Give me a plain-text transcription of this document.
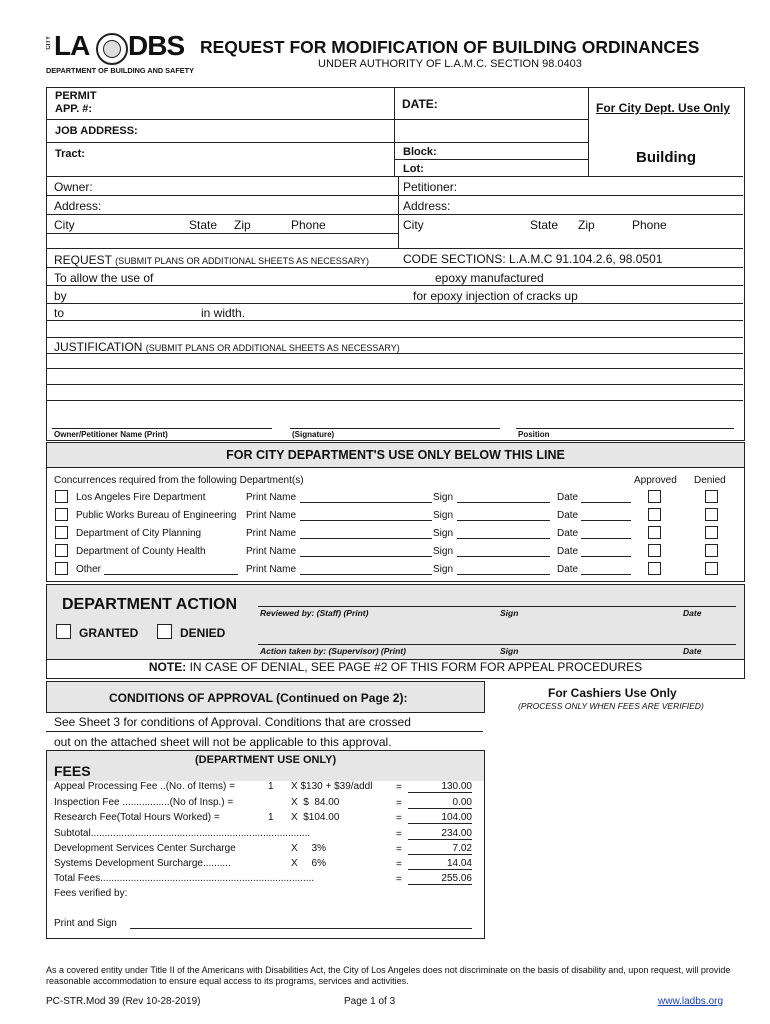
CITY LA DBS
DEPARTMENT OF BUILDING AND SAFETY
REQUEST FOR MODIFICATION OF BUILDING ORDINANCES
UNDER AUTHORITY OF L.A.M.C. SECTION 98.0403
PERMIT
APP. #:	DATE:	For City Dept. Use Only
JOB ADDRESS:
Tract:	Block:
Lot:
Building
Owner:
Address:
City	State Zip	Phone
Petitioner:
Address:
City	State Zip	Phone
REQUEST (SUBMIT PLANS OR ADDITIONAL SHEETS AS NECESSARY)	CODE SECTIONS: L.A.M.C 91.104.2.6, 98.0501
To allow the use of	epoxy manufactured
by	for epoxy injection of cracks up
to	in width.
JUSTIFICATION (SUBMIT PLANS OR ADDITIONAL SHEETS AS NECESSARY)
Owner/Petitioner Name (Print)	(Signature)	Position
FOR CITY DEPARTMENT'S USE ONLY BELOW THIS LINE
Concurrences required from the following Department(s)	Approved Denied
Los Angeles Fire Department	Print Name	Sign	Date
Public Works Bureau of Engineering Print Name	Sign	Date
Department of City Planning	Print Name	Sign	Date
Department of County Health	Print Name	Sign	Date
Other	Print Name	Sign	Date
DEPARTMENT ACTION
GRANTED	DENIED
Reviewed by: (Staff) (Print)	Sign	Date
Action taken by: (Supervisor) (Print)	Sign	Date
NOTE: IN CASE OF DENIAL, SEE PAGE #2 OF THIS FORM FOR APPEAL PROCEDURES
CONDITIONS OF APPROVAL (Continued on Page 2):
See Sheet 3 for conditions of Approval. Conditions that are crossed
out on the attached sheet will not be applicable to this approval.
For Cashiers Use Only
(PROCESS ONLY WHEN FEES ARE VERIFIED)
(DEPARTMENT USE ONLY)
FEES
Appeal Processing Fee ..(No. of Items) =	1 X $130 + $39/addl =	130.00
Inspection Fee .................(No of Insp.) =	X  $  84.00	=	0.00
Research Fee(Total Hours Worked) =	1 X  $104.00	=	104.00
Subtotal...............................................................................	=	234.00
Development Services Center Surcharge	X     3%	=	7.02
Systems Development Surcharge..........	X     6%	=	14.04
Total Fees.............................................................................	=	255.06
Fees verified by:
Print and Sign
As a covered entity under Title II of the Americans with Disabilities Act, the City of Los Angeles does not discriminate on the basis of disability and, upon request, will provide reasonable accommodation to ensure equal access to its programs, services and activities.
PC-STR.Mod 39 (Rev 10-28-2019)	Page 1 of 3	www.ladbs.org
